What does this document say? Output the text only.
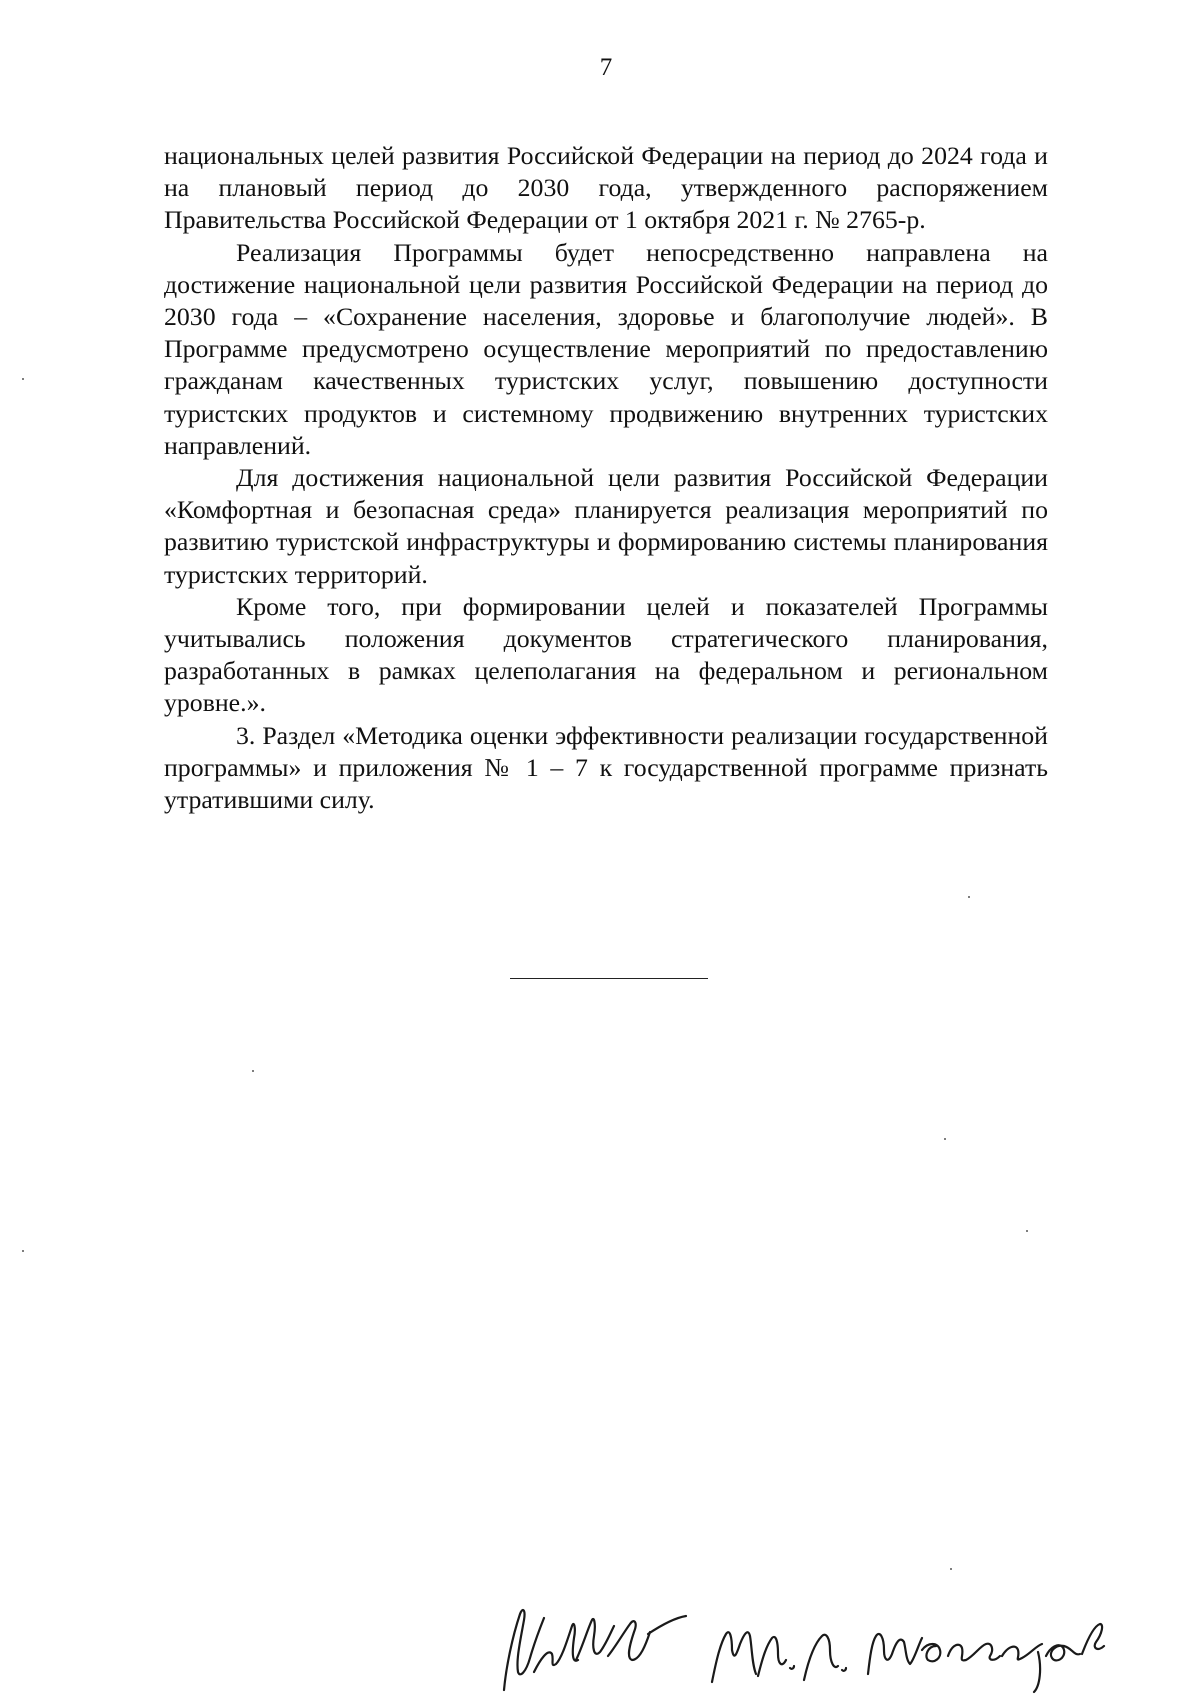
7

национальных целей развития Российской Федерации на период до 2024 года и на плановый период до 2030 года, утвержденного распоряжением Правительства Российской Федерации от 1 октября 2021 г. № 2765-р.

Реализация Программы будет непосредственно направлена на достижение национальной цели развития Российской Федерации на период до 2030 года – «Сохранение населения, здоровье и благополучие людей». В Программе предусмотрено осуществление мероприятий по предоставлению гражданам качественных туристских услуг, повышению доступности туристских продуктов и системному продвижению внутренних туристских направлений.

Для достижения национальной цели развития Российской Федерации «Комфортная и безопасная среда» планируется реализация мероприятий по развитию туристской инфраструктуры и формированию системы планирования туристских территорий.

Кроме того, при формировании целей и показателей Программы учитывались положения документов стратегического планирования, разработанных в рамках целеполагания на федеральном и региональном уровне.».

3. Раздел «Методика оценки эффективности реализации государственной программы» и приложения № 1 – 7 к государственной программе признать утратившими силу.
